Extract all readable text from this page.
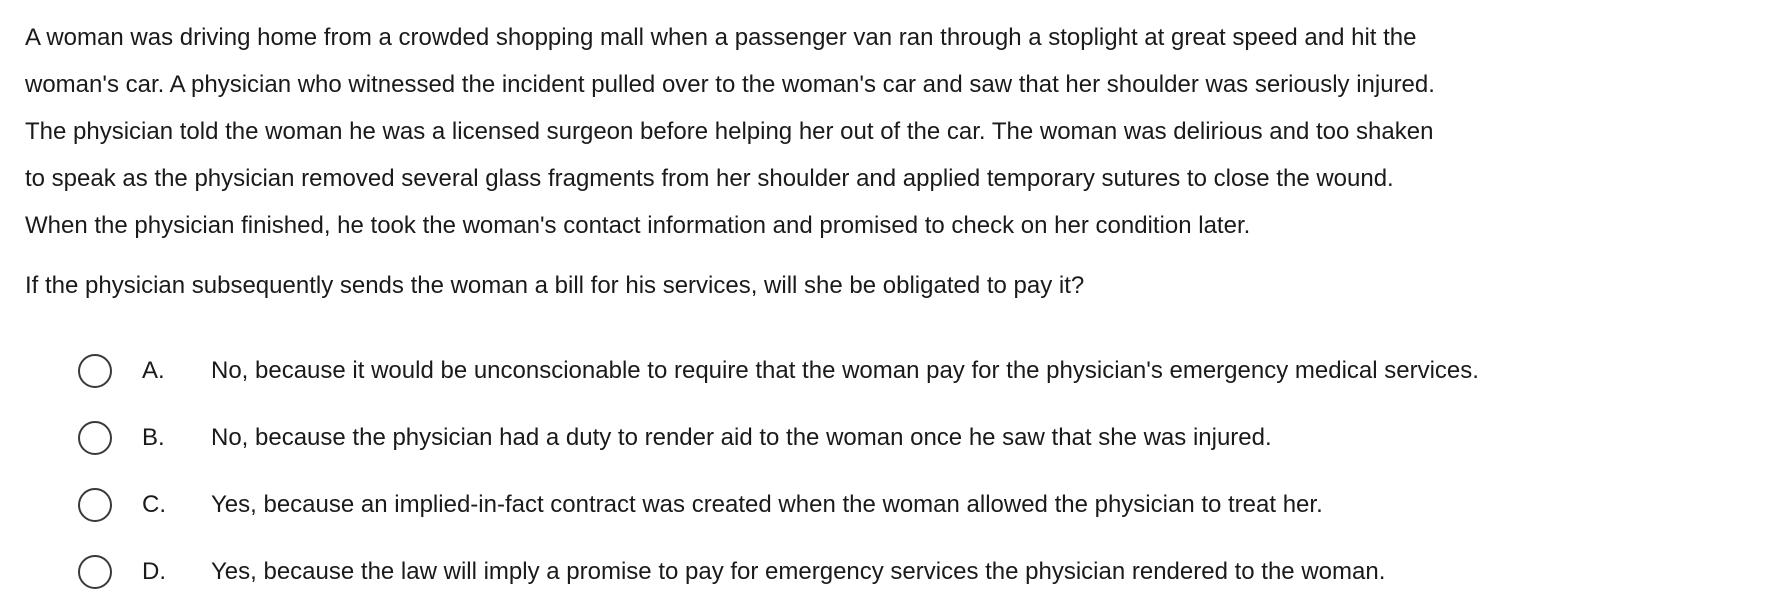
A woman was driving home from a crowded shopping mall when a passenger van ran through a stoplight at great speed and hit the
woman's car. A physician who witnessed the incident pulled over to the woman's car and saw that her shoulder was seriously injured.
The physician told the woman he was a licensed surgeon before helping her out of the car. The woman was delirious and too shaken
to speak as the physician removed several glass fragments from her shoulder and applied temporary sutures to close the wound.
When the physician finished, he took the woman's contact information and promised to check on her condition later.

If the physician subsequently sends the woman a bill for his services, will she be obligated to pay it?

A. No, because it would be unconscionable to require that the woman pay for the physician's emergency medical services.
B. No, because the physician had a duty to render aid to the woman once he saw that she was injured.
C. Yes, because an implied-in-fact contract was created when the woman allowed the physician to treat her.
D. Yes, because the law will imply a promise to pay for emergency services the physician rendered to the woman.
